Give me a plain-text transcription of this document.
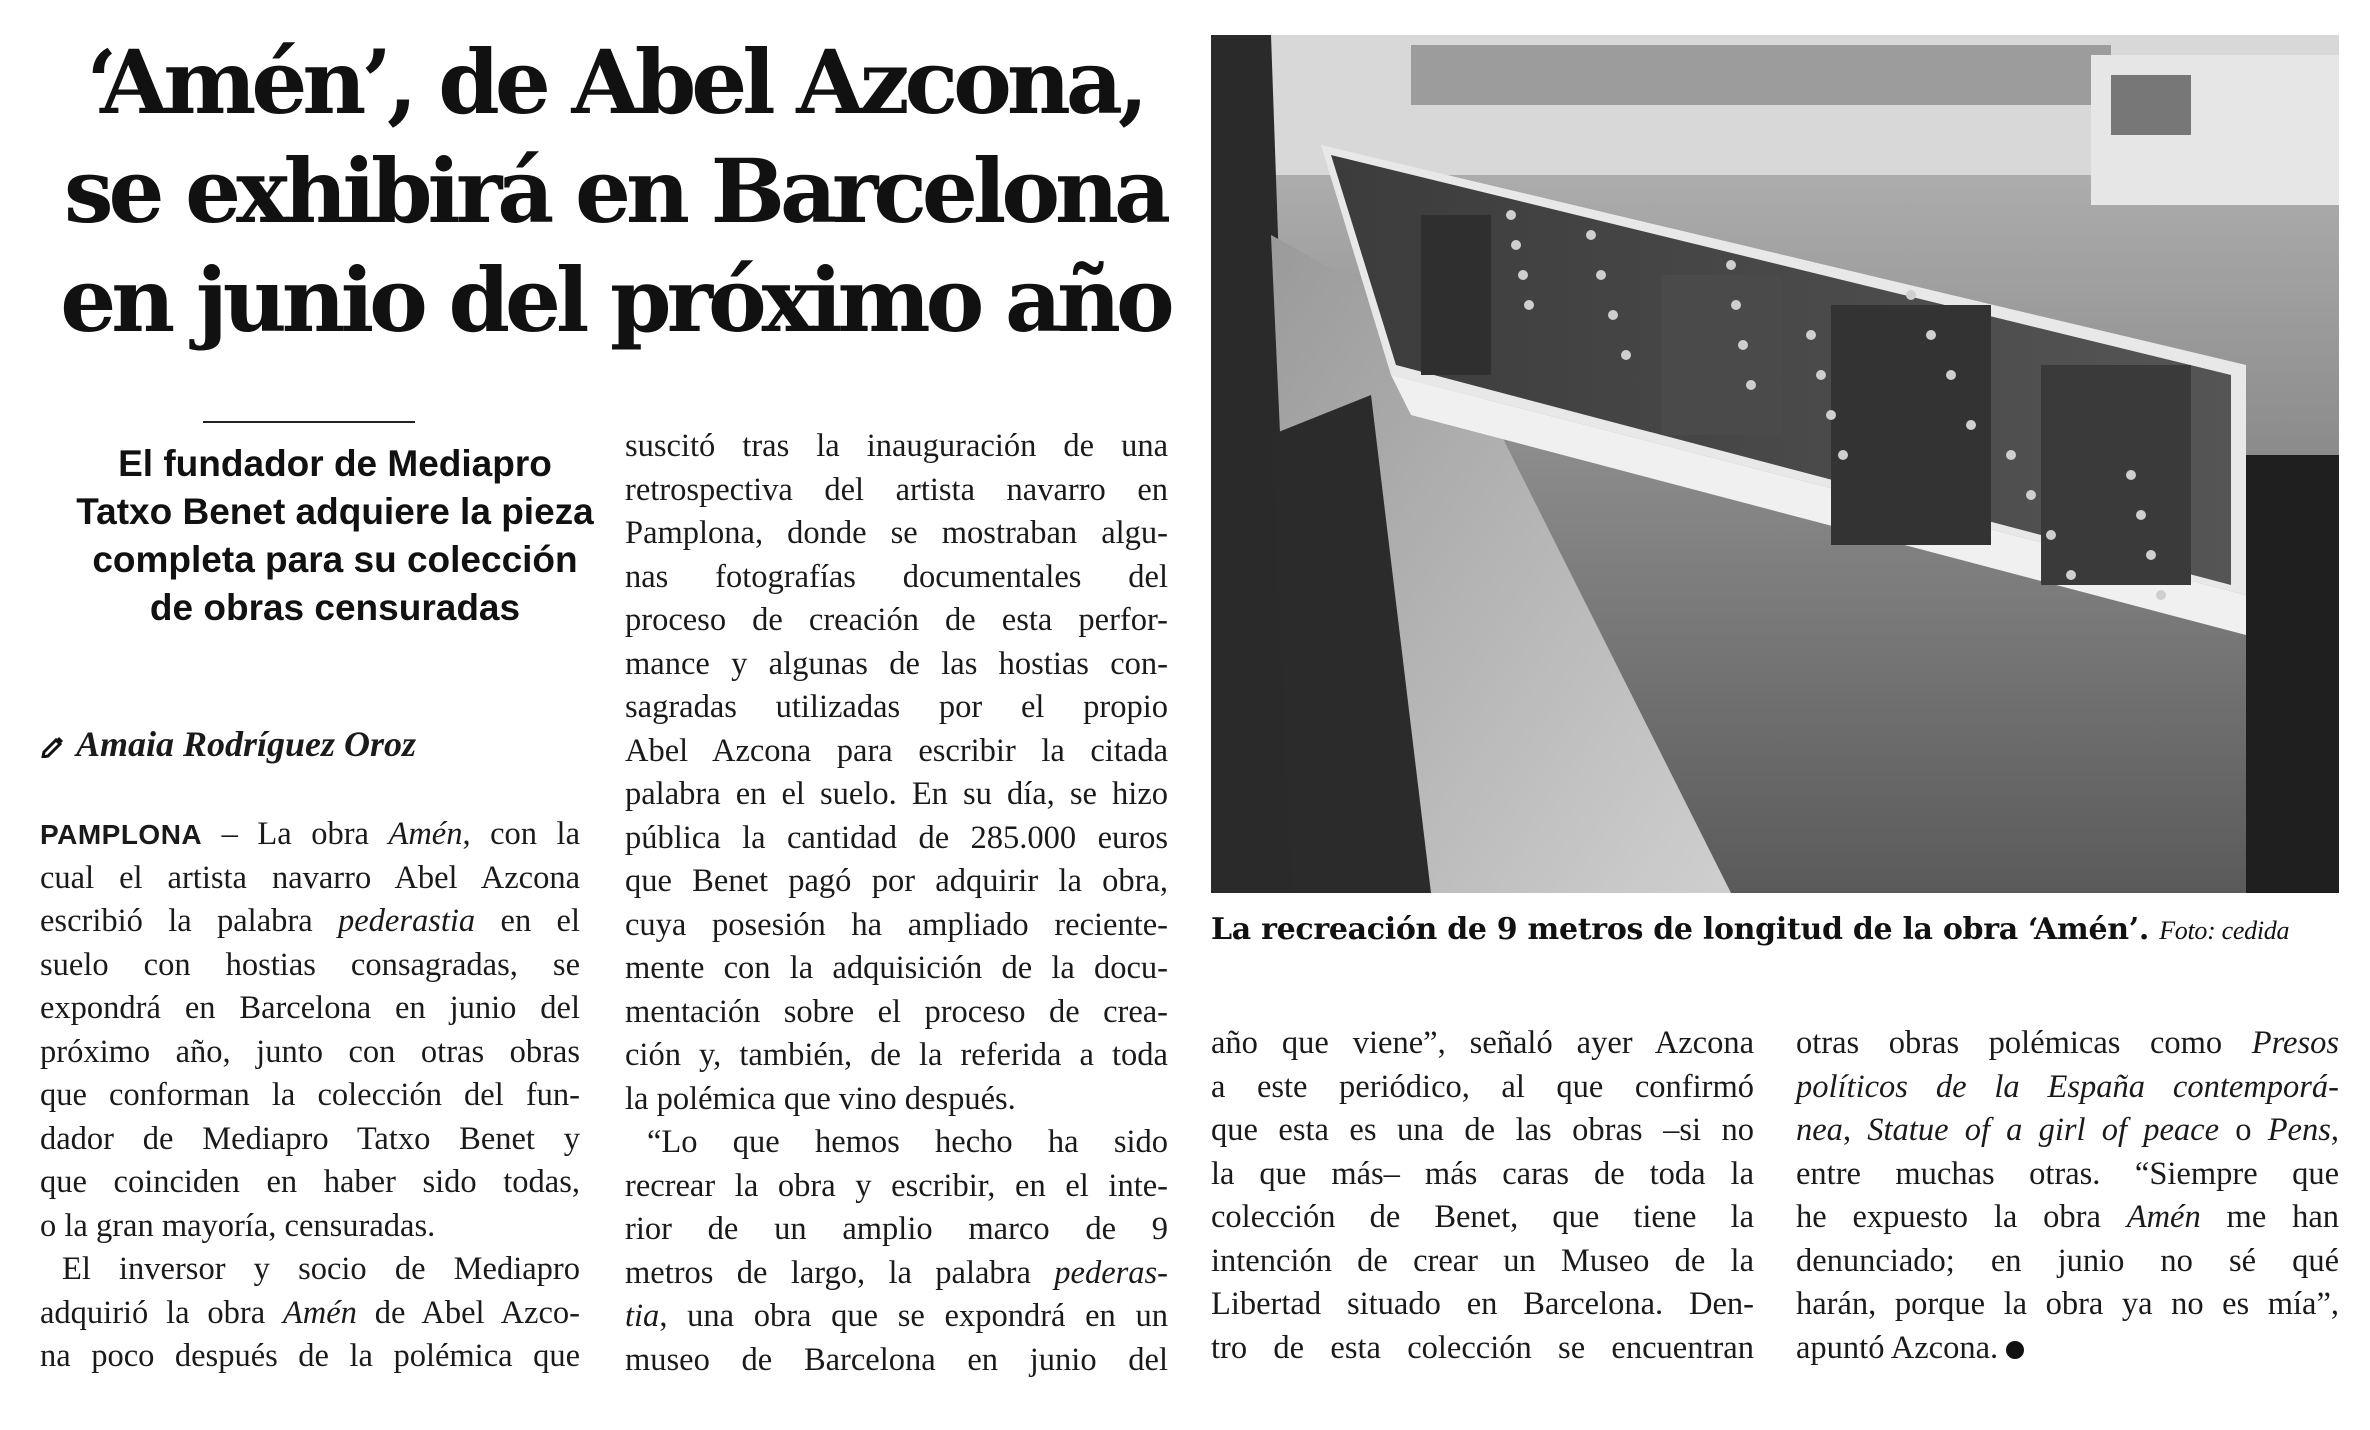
‘Amén’, de Abel Azcona,
se exhibirá en Barcelona
en junio del próximo año
El fundador de Mediapro
Tatxo Benet adquiere la pieza
completa para su colección
de obras censuradas
Amaia Rodríguez Oroz
PAMPLONA – La obra Amén, con la
cual el artista navarro Abel Azcona
escribió la palabra pederastia en el
suelo con hostias consagradas, se
expondrá en Barcelona en junio del
próximo año, junto con otras obras
que conforman la colección del fun-
dador de Mediapro Tatxo Benet y
que coinciden en haber sido todas,
o la gran mayoría, censuradas.
El inversor y socio de Mediapro
adquirió la obra Amén de Abel Azco-
na poco después de la polémica que
suscitó tras la inauguración de una
retrospectiva del artista navarro en
Pamplona, donde se mostraban algu-
nas fotografías documentales del
proceso de creación de esta perfor-
mance y algunas de las hostias con-
sagradas utilizadas por el propio
Abel Azcona para escribir la citada
palabra en el suelo. En su día, se hizo
pública la cantidad de 285.000 euros
que Benet pagó por adquirir la obra,
cuya posesión ha ampliado reciente-
mente con la adquisición de la docu-
mentación sobre el proceso de crea-
ción y, también, de la referida a toda
la polémica que vino después.
“Lo que hemos hecho ha sido
recrear la obra y escribir, en el inte-
rior de un amplio marco de 9
metros de largo, la palabra pederas-
tia, una obra que se expondrá en un
museo de Barcelona en junio del
La recreación de 9 metros de longitud de la obra ‘Amén’. Foto: cedida
año que viene”, señaló ayer Azcona
a este periódico, al que confirmó
que esta es una de las obras –si no
la que más– más caras de toda la
colección de Benet, que tiene la
intención de crear un Museo de la
Libertad situado en Barcelona. Den-
tro de esta colección se encuentran
otras obras polémicas como Presos
políticos de la España contemporá-
nea, Statue of a girl of peace o Pens,
entre muchas otras. “Siempre que
he expuesto la obra Amén me han
denunciado; en junio no sé qué
harán, porque la obra ya no es mía”,
apuntó Azcona.
